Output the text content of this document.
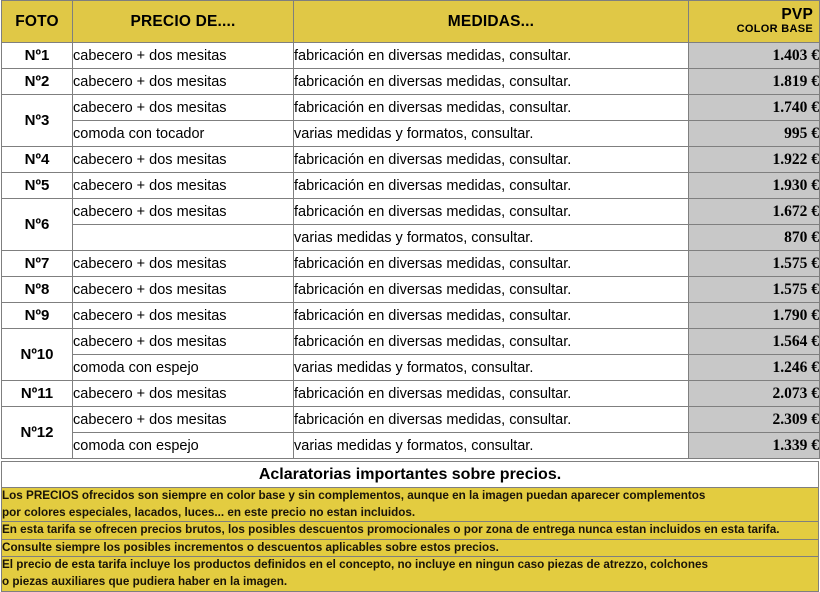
FOTO	PRECIO DE....	MEDIDAS...	PVP
COLOR BASE

Nº1	cabecero + dos mesitas	fabricación en diversas medidas, consultar.	1.403 €
Nº2	cabecero + dos mesitas	fabricación en diversas medidas, consultar.	1.819 €
Nº3	cabecero + dos mesitas	fabricación en diversas medidas, consultar.	1.740 €
	comoda con tocador	varias medidas y formatos, consultar.	995 €
Nº4	cabecero + dos mesitas	fabricación en diversas medidas, consultar.	1.922 €
Nº5	cabecero + dos mesitas	fabricación en diversas medidas, consultar.	1.930 €
Nº6	cabecero + dos mesitas	fabricación en diversas medidas, consultar.	1.672 €
		varias medidas y formatos, consultar.	870 €
Nº7	cabecero + dos mesitas	fabricación en diversas medidas, consultar.	1.575 €
Nº8	cabecero + dos mesitas	fabricación en diversas medidas, consultar.	1.575 €
Nº9	cabecero + dos mesitas	fabricación en diversas medidas, consultar.	1.790 €
Nº10	cabecero + dos mesitas	fabricación en diversas medidas, consultar.	1.564 €
	comoda con espejo	varias medidas y formatos, consultar.	1.246 €
Nº11	cabecero + dos mesitas	fabricación en diversas medidas, consultar.	2.073 €
Nº12	cabecero + dos mesitas	fabricación en diversas medidas, consultar.	2.309 €
	comoda con espejo	varias medidas y formatos, consultar.	1.339 €
Aclaratorias importantes sobre precios.

Los PRECIOS ofrecidos son siempre en color base y sin complementos, aunque en la imagen puedan aparecer complementos
por colores especiales, lacados, luces... en este precio no estan incluidos.

En esta tarifa se ofrecen precios brutos, los posibles descuentos promocionales o por zona de entrega nunca estan incluidos en esta tarifa.

Consulte siempre los posibles incrementos o descuentos aplicables sobre estos precios.

El precio de esta tarifa incluye los productos definidos en el concepto, no incluye en ningun caso piezas de atrezzo, colchones
o piezas auxiliares que pudiera haber en la imagen.
